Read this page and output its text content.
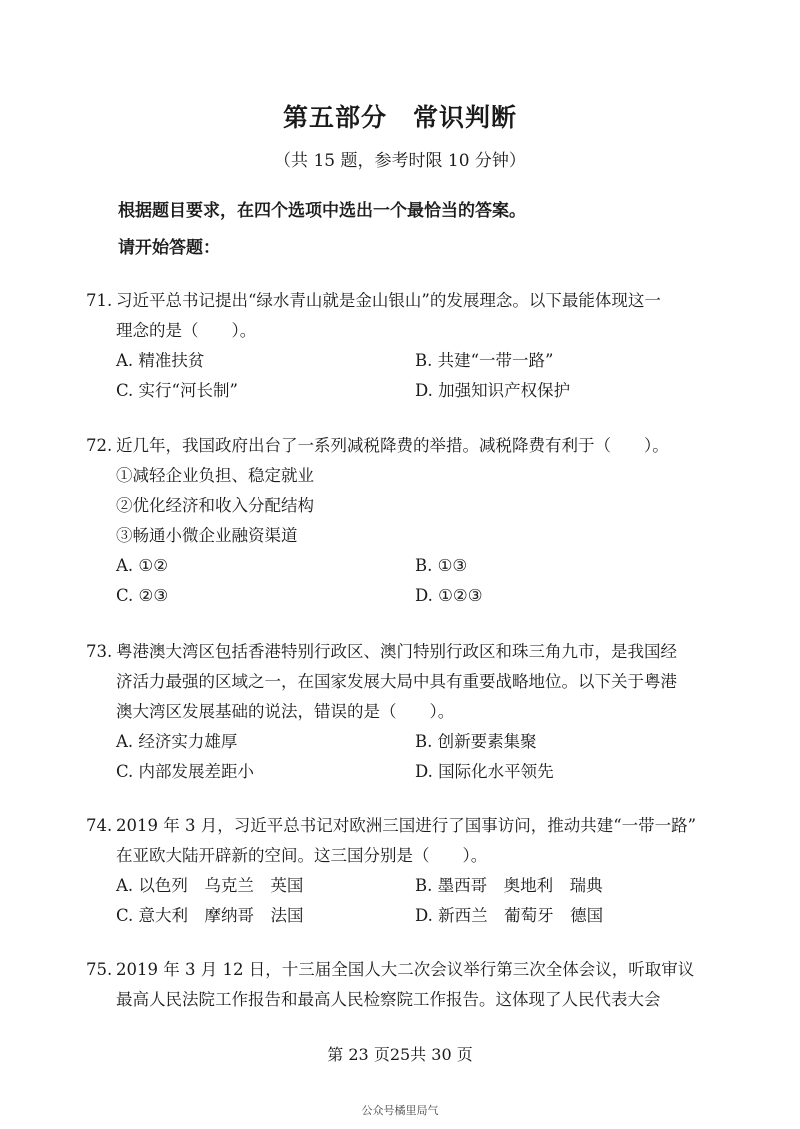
第五部分　常识判断
（共 15 题，参考时限 10 分钟）
根据题目要求，在四个选项中选出一个最恰当的答案。
请开始答题：
71. 习近平总书记提出“绿水青山就是金山银山”的发展理念。以下最能体现这一
理念的是（　　）。
A. 精准扶贫	B. 共建“一带一路”
C. 实行“河长制”	D. 加强知识产权保护
72. 近几年，我国政府出台了一系列减税降费的举措。减税降费有利于（　　）。
①减轻企业负担、稳定就业
②优化经济和收入分配结构
③畅通小微企业融资渠道
A. ①②	B. ①③
C. ②③	D. ①②③
73. 粤港澳大湾区包括香港特别行政区、澳门特别行政区和珠三角九市，是我国经
济活力最强的区域之一，在国家发展大局中具有重要战略地位。以下关于粤港
澳大湾区发展基础的说法，错误的是（　　）。
A. 经济实力雄厚	B. 创新要素集聚
C. 内部发展差距小	D. 国际化水平领先
74. 2019 年 3 月，习近平总书记对欧洲三国进行了国事访问，推动共建“一带一路”
在亚欧大陆开辟新的空间。这三国分别是（　　）。
A. 以色列　乌克兰　英国	B. 墨西哥　奥地利　瑞典
C. 意大利　摩纳哥　法国	D. 新西兰　葡萄牙　德国
75. 2019 年 3 月 12 日，十三届全国人大二次会议举行第三次全体会议，听取审议
最高人民法院工作报告和最高人民检察院工作报告。这体现了人民代表大会
第 23 页25共 30 页
公众号橘里局气
